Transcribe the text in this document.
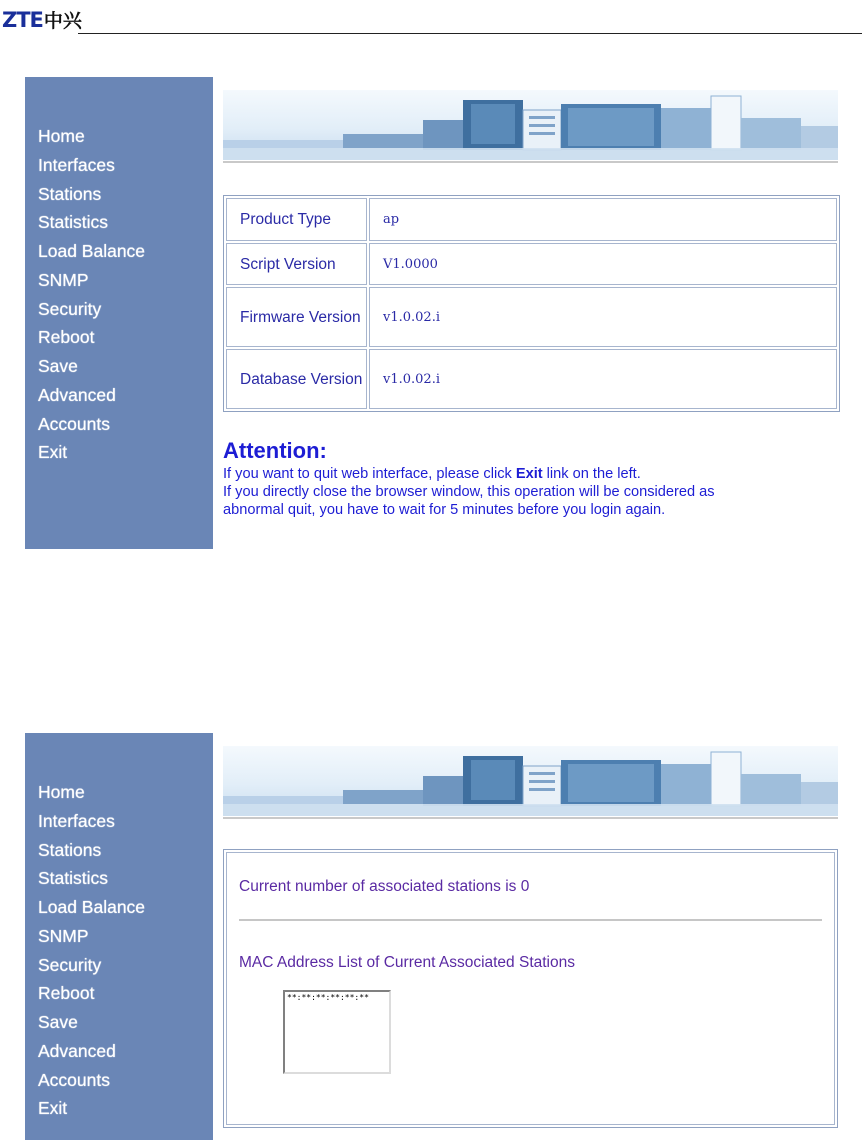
ZTE中兴
Home
Interfaces
Stations
Statistics
Load Balance
SNMP
Security
Reboot
Save
Advanced
Accounts
Exit
Product Type	ap
Script Version	V1.0000
Firmware Version	v1.0.02.i
Database Version	v1.0.02.i
Attention:

If you want to quit web interface, please click Exit link on the left.

If you directly close the browser window, this operation will be considered as

abnormal quit, you have to wait for 5 minutes before you login again.

Home
Interfaces
Stations
Statistics
Load Balance
SNMP
Security
Reboot
Save
Advanced
Accounts
Exit
Current number of associated stations is 0
MAC Address List of Current Associated Stations
**:**:**:**:**:**
